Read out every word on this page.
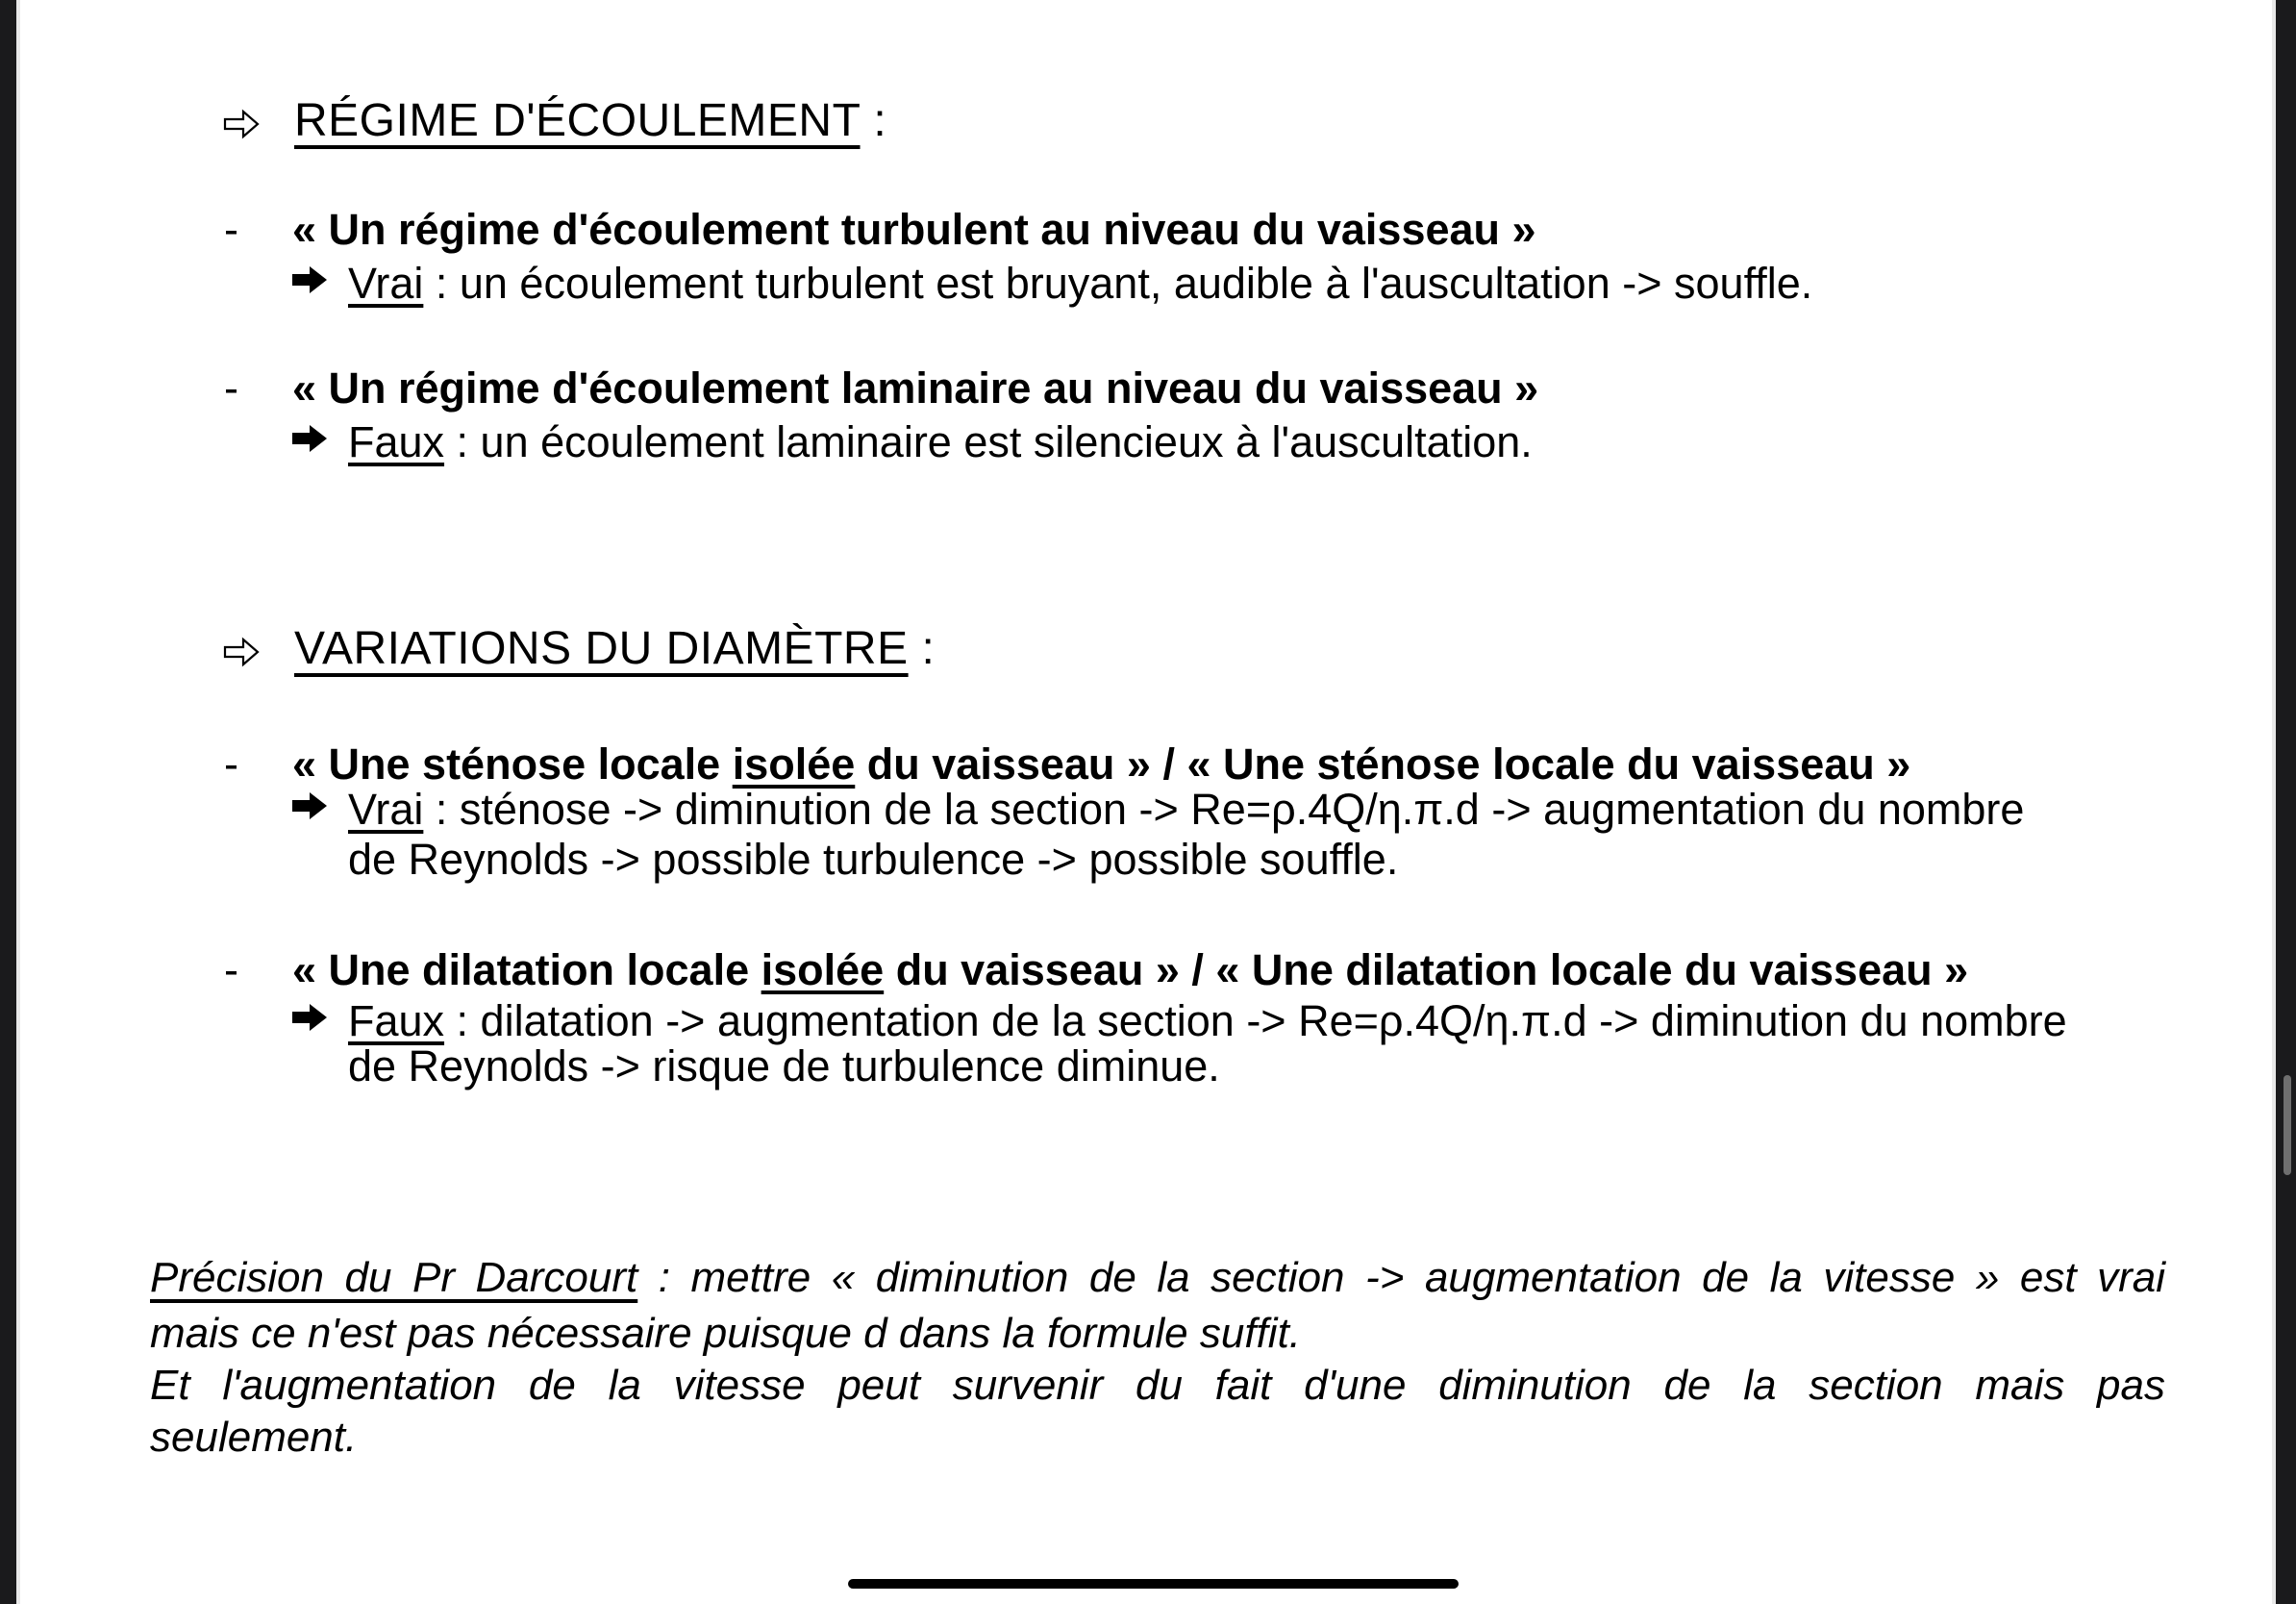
RÉGIME D'ÉCOULEMENT :
- « Un régime d'écoulement turbulent au niveau du vaisseau »
Vrai : un écoulement turbulent est bruyant, audible à l'auscultation -> souffle.
- « Un régime d'écoulement laminaire au niveau du vaisseau »
Faux : un écoulement laminaire est silencieux à l'auscultation.
VARIATIONS DU DIAMÈTRE :
- « Une sténose locale isolée du vaisseau » / « Une sténose locale du vaisseau »
Vrai : sténose -> diminution de la section -> Re=ρ.4Q/η.π.d -> augmentation du nombre
de Reynolds -> possible turbulence -> possible souffle.
- « Une dilatation locale isolée du vaisseau » / « Une dilatation locale du vaisseau »
Faux : dilatation -> augmentation de la section -> Re=ρ.4Q/η.π.d -> diminution du nombre
de Reynolds -> risque de turbulence diminue.
Précision du Pr Darcourt : mettre « diminution de la section -> augmentation de la vitesse » est vrai
mais ce n'est pas nécessaire puisque d dans la formule suffit.
Et l'augmentation de la vitesse peut survenir du fait d'une diminution de la section mais pas
seulement.
